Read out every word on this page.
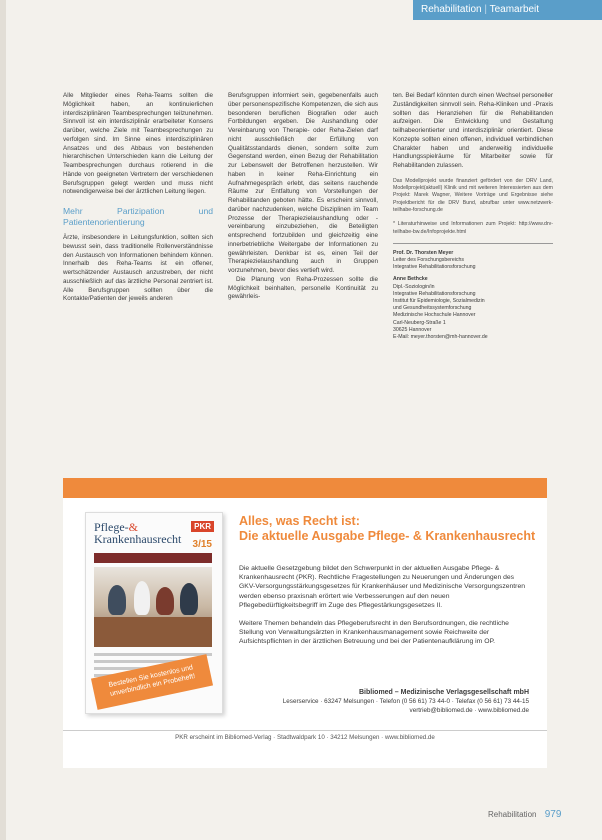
Rehabilitation | Teamarbeit

Alle Mitglieder eines Reha-Teams sollten die Möglichkeit haben, an kontinuierlichen interdisziplinären Teambesprechungen teilzunehmen. Sinnvoll ist ein interdisziplinär erarbeiteter Konsens darüber, welche Ziele mit Teambesprechungen zu verfolgen sind. Im Sinne eines interdisziplinären Ansatzes und des Abbaus von bestehenden hierarchischen Unterschieden kann die Leitung der Teambesprechungen durchaus rotierend in die Hände von geeigneten Vertretern der verschiedenen Berufsgruppen gelegt werden und muss nicht notwendigerweise bei der ärztlichen Leitung liegen.

Mehr Partizipation und Patientenorientierung

Ärzte, insbesondere in Leitungsfunktion, sollten sich bewusst sein, dass traditionelle Rollenverständnisse den Austausch von Informationen behindern können. Innerhalb des Reha-Teams ist ein offener, wertschätzender Austausch anzustreben, der nicht ausschließlich auf das ärztliche Personal zentriert ist. Alle Berufsgruppen sollten über die Kontakte/Patienten der jeweils anderen

Berufsgruppen informiert sein, gegebenenfalls auch über personenspezifische Kompetenzen, die sich aus besonderen beruflichen Biografien oder auch Fortbildungen ergeben. Die Aushandlung oder Vereinbarung von Therapie- oder Reha-Zielen darf nicht ausschließlich der Erfüllung von Qualitätsstandards dienen, sondern sollte zum Gegenstand werden, einen Bezug der Rehabilitation zur Lebenswelt der Betroffenen herzustellen. Wir haben in keiner Reha-Einrichtung ein Aufnahmegespräch erlebt, das seitens rauchende Räume zur Entfaltung von Vorstellungen der Rehabilitanden geboten hätte. Es erscheint sinnvoll, darüber nachzudenken, welche Disziplinen im Team Prozesse der Therapiezielaushandlung oder -vereinbarung einzubeziehen, die Beteiligten entsprechend fortzubilden und gleichzeitig eine innerbetriebliche Weitergabe der Informationen zu gewährleisten. Denkbar ist es, einen Teil der Therapiezielaushandlung auch in Gruppen vorzunehmen, bevor dies vertieft wird.

Die Planung von Reha-Prozessen sollte die Möglichkeit beinhalten, personelle Kontinuität zu gewährleis-

ten. Bei Bedarf könnten durch einen Wechsel personeller Zuständigkeiten sinnvoll sein. Reha-Kliniken und -Praxis sollten das Heranziehen für die Rehabilitanden aufzeigen. Die Entwicklung und Gestaltung teilhabeorientierter und interdisziplinär orientiert. Diese Konzepte sollten einen offenen, individuell verbindlichen Charakter haben und anderweitig individuelle Handlungsspielräume für Mitarbeiter sowie für Rehabilitanden zulassen.

Das Modellprojekt wurde finanziert gefördert von der DRV Land, Modellprojekt(aktuell) Klinik und mit weiteren Interessierten aus dem Projekt: Marek Wagner, Weitere Vorträge und Ergebnisse siehe Projektbericht für die DRV Bund, abrufbar unter www.netzwerk-teilhabe-forschung.de
* Literaturhinweise und Informationen zum Projekt: http://www.drv-teilhabe-bw.de/Infoprojekte.html
Prof. Dr. Thorsten Meyer
Leiter des Forschungsbereichs
Integrative Rehabilitationsforschung
Anne Bethcke
Dipl.-Soziologin/in
Integrative Rehabilitationsforschung
Institut für Epidemiologie, Sozialmedizin
und Gesundheitssystemforschung
Medizinische Hochschule Hannover
Carl-Neuberg-Straße 1
30625 Hannover
E-Mail: meyer.thorsten@mh-hannover.de
Pflege-&
Krankenhausrecht
PKR
3/15
Bestellen Sie kostenlos und unverbindlich ein Probeheft!
Alles, was Recht ist:
Die aktuelle Ausgabe Pflege- & Krankenhausrecht

Die aktuelle Gesetzgebung bildet den Schwerpunkt in der aktuellen Ausgabe Pflege- & Krankenhausrecht (PKR). Rechtliche Fragestellungen zu Neuerungen und Änderungen des GKV-Versorgungsstärkungsgesetzes für Krankenhäuser und Medizinische Versorgungszentren werden ebenso praxisnah erörtert wie Verbesserungen auf den neuen Pflegebedürftigkeitsbegriff im Zuge des Pflegestärkungsgesetzes II.

Weitere Themen behandeln das Pflegeberufsrecht in den Berufsordnungen, die rechtliche Stellung von Verwaltungsärzten in Krankenhausmanagement sowie Reichweite der Aufsichtspflichten in der ärztlichen Betreuung und bei der Patientenaufklärung im OP.

Bibliomed – Medizinische Verlagsgesellschaft mbH
Leserservice · 63247 Melsungen · Telefon (0 56 61) 73 44-0 · Telefax (0 56 61) 73 44-15
vertrieb@bibliomed.de · www.bibliomed.de
PKR erscheint im Bibliomed-Verlag · Stadtwaldpark 10 · 34212 Melsungen · www.bibliomed.de
Rehabilitation 979
